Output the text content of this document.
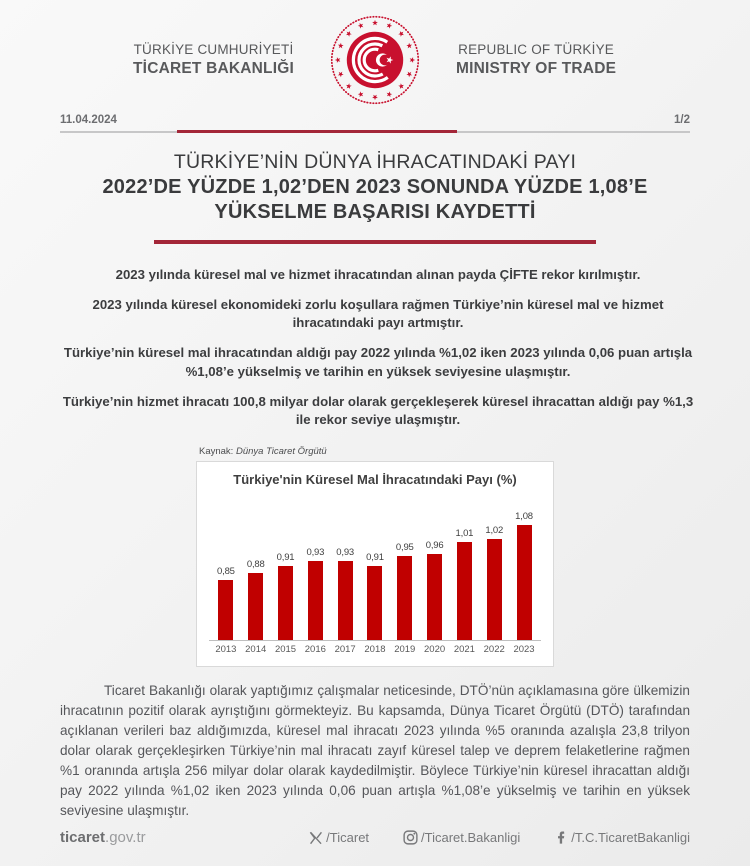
TÜRKİYE CUMHURİYETİ
TİCARET BAKANLIĞI
REPUBLIC OF TÜRKİYE
MINISTRY OF TRADE
11.04.2024	1/2
TÜRKİYE’NİN DÜNYA İHRACATINDAKİ PAYI
2022’DE YÜZDE 1,02’DEN 2023 SONUNDA YÜZDE 1,08’E
YÜKSELME BAŞARISI KAYDETTİ
2023 yılında küresel mal ve hizmet ihracatından alınan payda ÇİFTE rekor kırılmıştır.
2023 yılında küresel ekonomideki zorlu koşullara rağmen Türkiye’nin küresel mal ve hizmet ihracatındaki payı artmıştır.
Türkiye’nin küresel mal ihracatından aldığı pay 2022 yılında %1,02 iken 2023 yılında 0,06 puan artışla %1,08’e yükselmiş ve tarihin en yüksek seviyesine ulaşmıştır.
Türkiye’nin hizmet ihracatı 100,8 milyar dolar olarak gerçekleşerek küresel ihracattan aldığı pay %1,3 ile rekor seviye ulaşmıştır.
Kaynak: Dünya Ticaret Örgütü
Türkiye'nin Küresel Mal İhracatındaki Payı (%)
0,85
0,88
0,91 0,93 0,93 0,91
0,95 0,96
1,01 1,02
1,08
2013 2014 2015 2016 2017 2018 2019 2020 2021 2022 2023

Ticaret Bakanlığı olarak yaptığımız çalışmalar neticesinde, DTÖ’nün açıklamasına göre ülkemizin ihracatının pozitif olarak ayrıştığını görmekteyiz. Bu kapsamda, Dünya Ticaret Örgütü (DTÖ) tarafından açıklanan verileri baz aldığımızda, küresel mal ihracatı 2023 yılında %5 oranında azalışla 23,8 trilyon dolar olarak gerçekleşirken Türkiye’nin mal ihracatı zayıf küresel talep ve deprem felaketlerine rağmen %1 oranında artışla 256 milyar dolar olarak kaydedilmiştir. Böylece Türkiye’nin küresel ihracattan aldığı pay 2022 yılında %1,02 iken 2023 yılında 0,06 puan artışla %1,08’e yükselmiş ve tarihin en yüksek seviyesine ulaşmıştır.

ticaret.gov.tr	/Ticaret	/Ticaret.Bakanligi	/T.C.TicaretBakanligi
